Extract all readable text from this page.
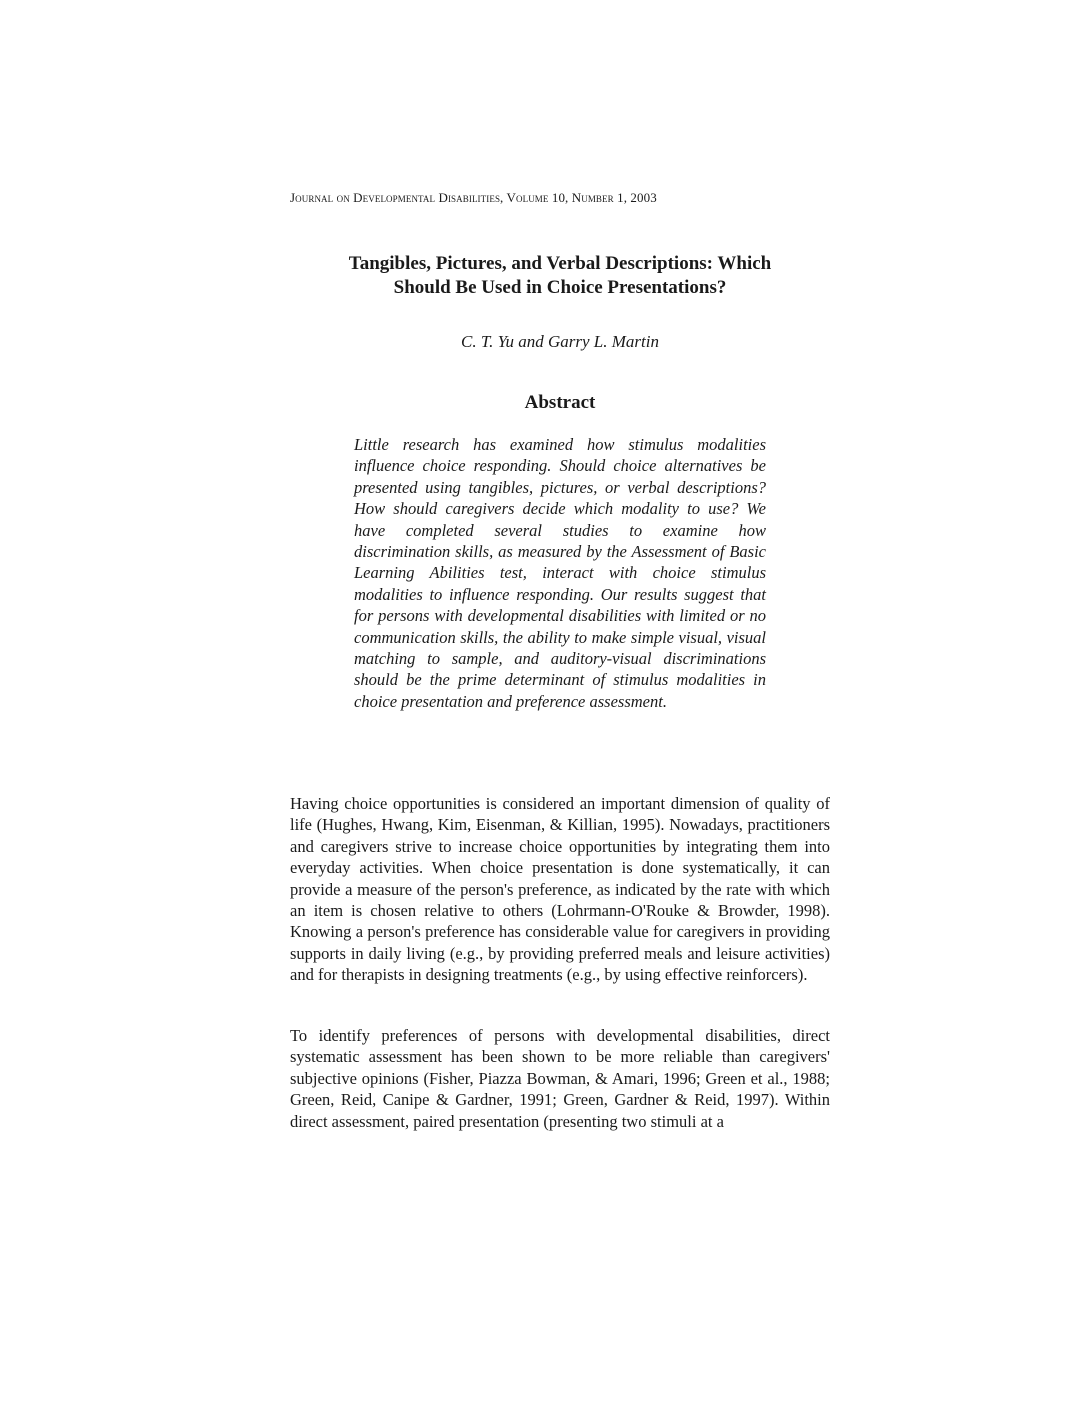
Journal on Developmental Disabilities, Volume 10, Number 1, 2003
Tangibles, Pictures, and Verbal Descriptions: Which
Should Be Used in Choice Presentations?
C. T. Yu and Garry L. Martin
Abstract

Little research has examined how stimulus modalities influence choice responding. Should choice alternatives be presented using tangibles, pictures, or verbal descriptions? How should caregivers decide which modality to use? We have completed several studies to examine how discrimination skills, as measured by the Assessment of Basic Learning Abilities test, interact with choice stimulus modalities to influence responding. Our results suggest that for persons with developmental disabilities with limited or no communication skills, the ability to make simple visual, visual matching to sample, and auditory-visual discriminations should be the prime determinant of stimulus modalities in choice presentation and preference assessment.

Having choice opportunities is considered an important dimension of quality of life (Hughes, Hwang, Kim, Eisenman, & Killian, 1995). Nowadays, practitioners and caregivers strive to increase choice opportunities by integrating them into everyday activities. When choice presentation is done systematically, it can provide a measure of the person's preference, as indicated by the rate with which an item is chosen relative to others (Lohrmann-O'Rouke & Browder, 1998). Knowing a person's preference has considerable value for caregivers in providing supports in daily living (e.g., by providing preferred meals and leisure activities) and for therapists in designing treatments (e.g., by using effective reinforcers).

To identify preferences of persons with developmental disabilities, direct systematic assessment has been shown to be more reliable than caregivers' subjective opinions (Fisher, Piazza Bowman, & Amari, 1996; Green et al., 1988; Green, Reid, Canipe & Gardner, 1991; Green, Gardner & Reid, 1997). Within direct assessment, paired presentation (presenting two stimuli at a
